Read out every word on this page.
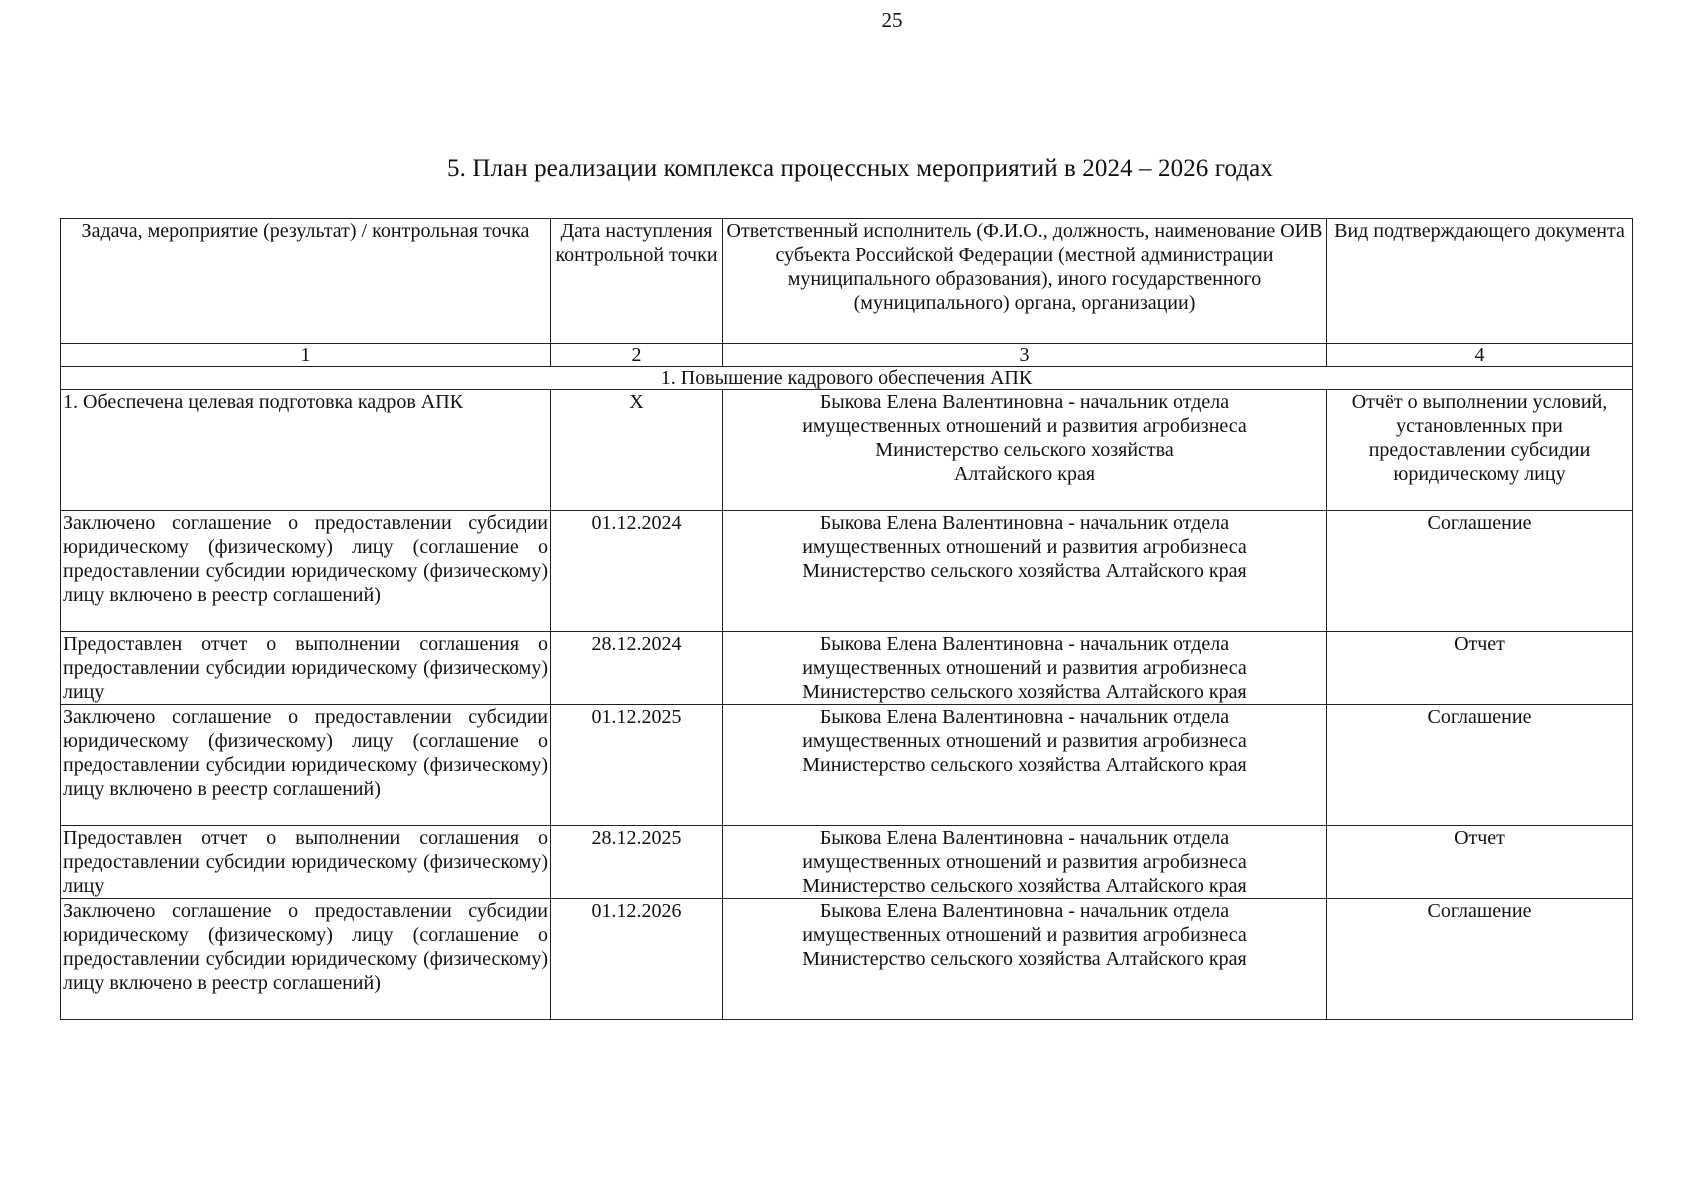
25
5. План реализации комплекса процессных мероприятий в 2024 – 2026 годах
Задача, мероприятие (результат) / контрольная точка	Дата наступления контрольной точки	Ответственный исполнитель (Ф.И.О., должность, наименование ОИВ субъекта Российской Федерации (местной администрации муниципального образования), иного государственного (муниципального) органа, организации)	Вид подтверждающего документа
1	2	3	4
1. Повышение кадрового обеспечения АПК			
1. Обеспечена целевая подготовка кадров АПК	X	Быкова Елена Валентиновна - начальник отдела
имущественных отношений и развития агробизнеса
Министерство сельского хозяйства
Алтайского края	Отчёт о выполнении условий, установленных при предоставлении субсидии юридическому лицу
Заключено соглашение о предоставлении субсидии юридическому (физическому) лицу (соглашение о предоставлении субсидии юридическому (физическому) лицу включено в реестр соглашений)	01.12.2024	Быкова Елена Валентиновна - начальник отдела
имущественных отношений и развития агробизнеса
Министерство сельского хозяйства Алтайского края	Соглашение
Предоставлен отчет о выполнении соглашения о предоставлении субсидии юридическому (физическому) лицу	28.12.2024	Быкова Елена Валентиновна - начальник отдела
имущественных отношений и развития агробизнеса
Министерство сельского хозяйства Алтайского края	Отчет
Заключено соглашение о предоставлении субсидии юридическому (физическому) лицу (соглашение о предоставлении субсидии юридическому (физическому) лицу включено в реестр соглашений)	01.12.2025	Быкова Елена Валентиновна - начальник отдела
имущественных отношений и развития агробизнеса
Министерство сельского хозяйства Алтайского края	Соглашение
Предоставлен отчет о выполнении соглашения о предоставлении субсидии юридическому (физическому) лицу	28.12.2025	Быкова Елена Валентиновна - начальник отдела
имущественных отношений и развития агробизнеса
Министерство сельского хозяйства Алтайского края	Отчет
Заключено соглашение о предоставлении субсидии юридическому (физическому) лицу (соглашение о предоставлении субсидии юридическому (физическому) лицу включено в реестр соглашений)	01.12.2026	Быкова Елена Валентиновна - начальник отдела
имущественных отношений и развития агробизнеса
Министерство сельского хозяйства Алтайского края	Соглашение
